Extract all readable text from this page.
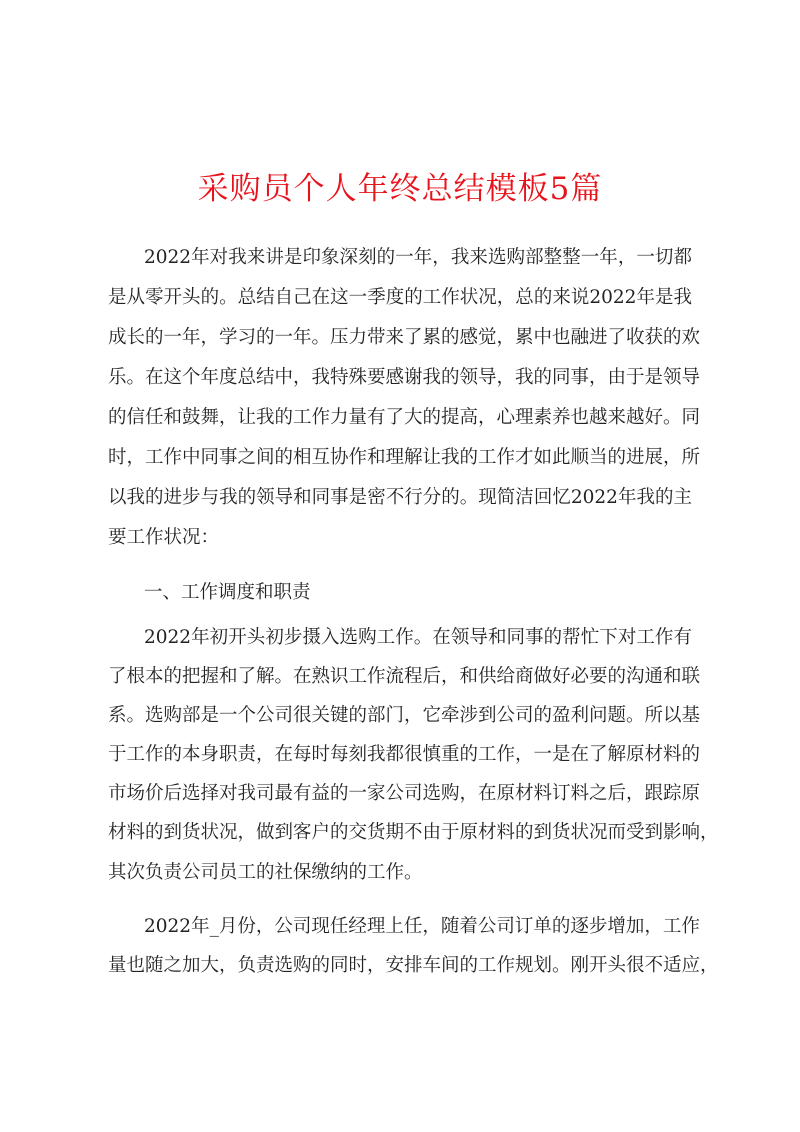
采购员个人年终总结模板5篇

2022年对我来讲是印象深刻的一年，我来选购部整整一年，一切都

是从零开头的。总结自己在这一季度的工作状况，总的来说2022年是我

成长的一年，学习的一年。压力带来了累的感觉，累中也融进了收获的欢

乐。在这个年度总结中，我特殊要感谢我的领导，我的同事，由于是领导

的信任和鼓舞，让我的工作力量有了大的提高，心理素养也越来越好。同

时，工作中同事之间的相互协作和理解让我的工作才如此顺当的进展，所

以我的进步与我的领导和同事是密不行分的。现简洁回忆2022年我的主

要工作状况：

一、工作调度和职责

2022年初开头初步摄入选购工作。在领导和同事的帮忙下对工作有

了根本的把握和了解。在熟识工作流程后，和供给商做好必要的沟通和联

系。选购部是一个公司很关键的部门，它牵涉到公司的盈利问题。所以基

于工作的本身职责，在每时每刻我都很慎重的工作，一是在了解原材料的

市场价后选择对我司最有益的一家公司选购，在原材料订料之后，跟踪原

材料的到货状况，做到客户的交货期不由于原材料的到货状况而受到影响，

其次负责公司员工的社保缴纳的工作。

2022年_月份，公司现任经理上任，随着公司订单的逐步增加，工作

量也随之加大，负责选购的同时，安排车间的工作规划。刚开头很不适应，
